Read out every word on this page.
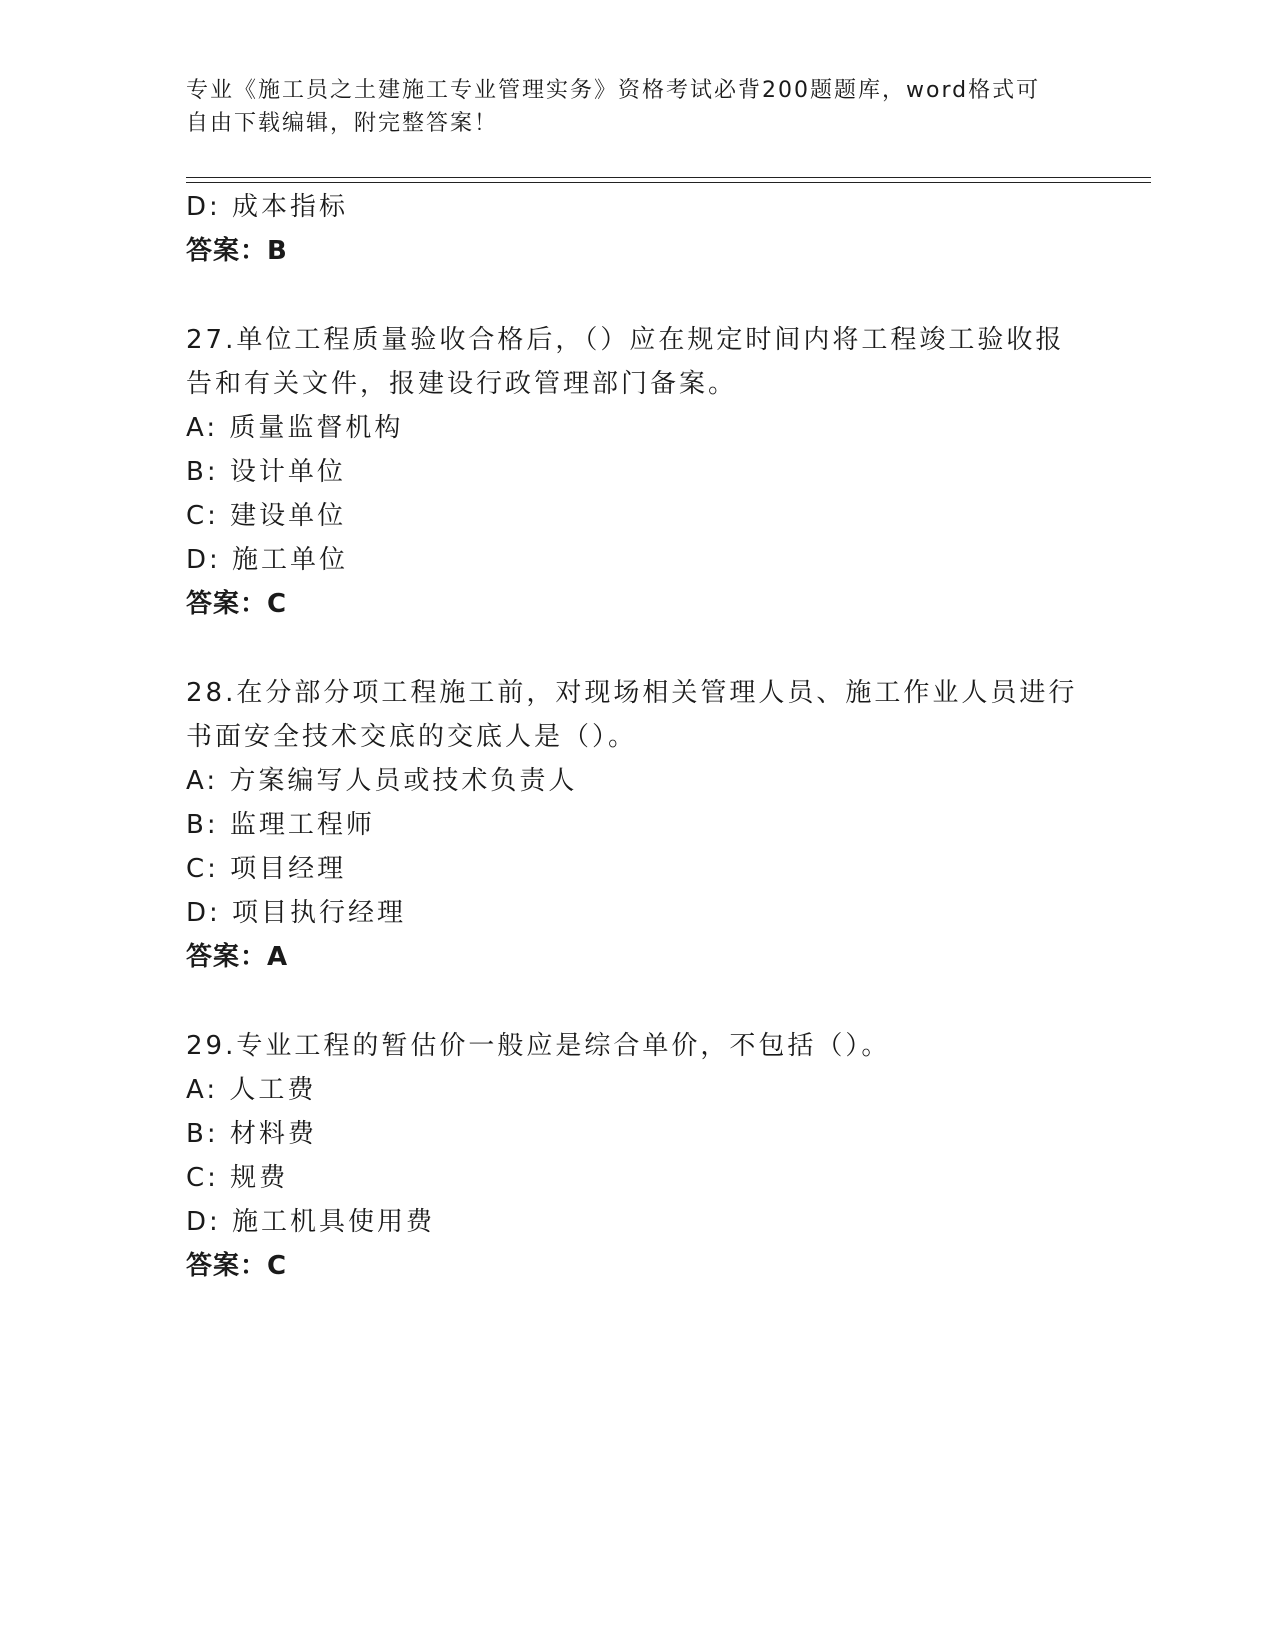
专业《施工员之土建施工专业管理实务》资格考试必背200题题库，word格式可
自由下载编辑，附完整答案！
D: 成本指标
答案：B
27.单位工程质量验收合格后，（）应在规定时间内将工程竣工验收报
告和有关文件，报建设行政管理部门备案。
A: 质量监督机构
B: 设计单位
C: 建设单位
D: 施工单位
答案：C
28.在分部分项工程施工前，对现场相关管理人员、施工作业人员进行
书面安全技术交底的交底人是（）。
A: 方案编写人员或技术负责人
B: 监理工程师
C: 项目经理
D: 项目执行经理
答案：A
29.专业工程的暂估价一般应是综合单价，不包括（）。
A: 人工费
B: 材料费
C: 规费
D: 施工机具使用费
答案：C
